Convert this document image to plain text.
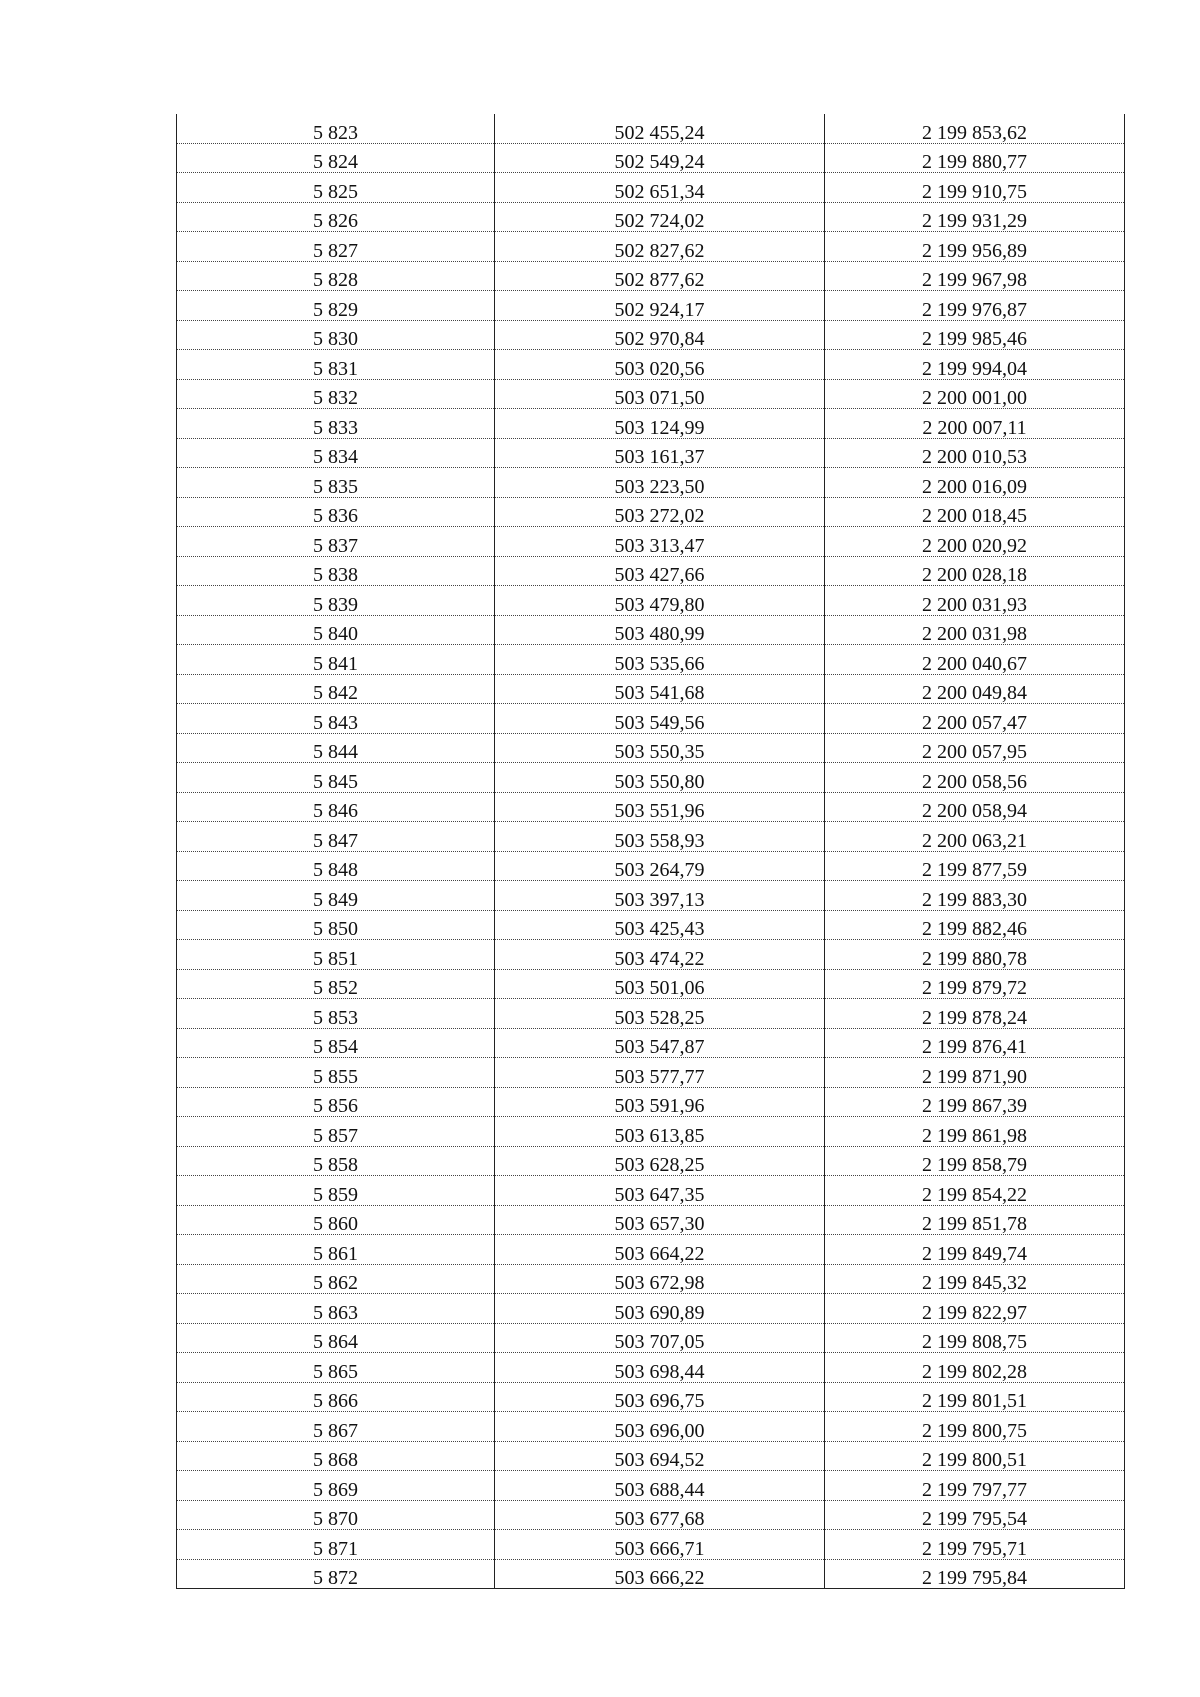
5 823	502 455,24	2 199 853,62
5 824	502 549,24	2 199 880,77
5 825	502 651,34	2 199 910,75
5 826	502 724,02	2 199 931,29
5 827	502 827,62	2 199 956,89
5 828	502 877,62	2 199 967,98
5 829	502 924,17	2 199 976,87
5 830	502 970,84	2 199 985,46
5 831	503 020,56	2 199 994,04
5 832	503 071,50	2 200 001,00
5 833	503 124,99	2 200 007,11
5 834	503 161,37	2 200 010,53
5 835	503 223,50	2 200 016,09
5 836	503 272,02	2 200 018,45
5 837	503 313,47	2 200 020,92
5 838	503 427,66	2 200 028,18
5 839	503 479,80	2 200 031,93
5 840	503 480,99	2 200 031,98
5 841	503 535,66	2 200 040,67
5 842	503 541,68	2 200 049,84
5 843	503 549,56	2 200 057,47
5 844	503 550,35	2 200 057,95
5 845	503 550,80	2 200 058,56
5 846	503 551,96	2 200 058,94
5 847	503 558,93	2 200 063,21
5 848	503 264,79	2 199 877,59
5 849	503 397,13	2 199 883,30
5 850	503 425,43	2 199 882,46
5 851	503 474,22	2 199 880,78
5 852	503 501,06	2 199 879,72
5 853	503 528,25	2 199 878,24
5 854	503 547,87	2 199 876,41
5 855	503 577,77	2 199 871,90
5 856	503 591,96	2 199 867,39
5 857	503 613,85	2 199 861,98
5 858	503 628,25	2 199 858,79
5 859	503 647,35	2 199 854,22
5 860	503 657,30	2 199 851,78
5 861	503 664,22	2 199 849,74
5 862	503 672,98	2 199 845,32
5 863	503 690,89	2 199 822,97
5 864	503 707,05	2 199 808,75
5 865	503 698,44	2 199 802,28
5 866	503 696,75	2 199 801,51
5 867	503 696,00	2 199 800,75
5 868	503 694,52	2 199 800,51
5 869	503 688,44	2 199 797,77
5 870	503 677,68	2 199 795,54
5 871	503 666,71	2 199 795,71
5 872	503 666,22	2 199 795,84
